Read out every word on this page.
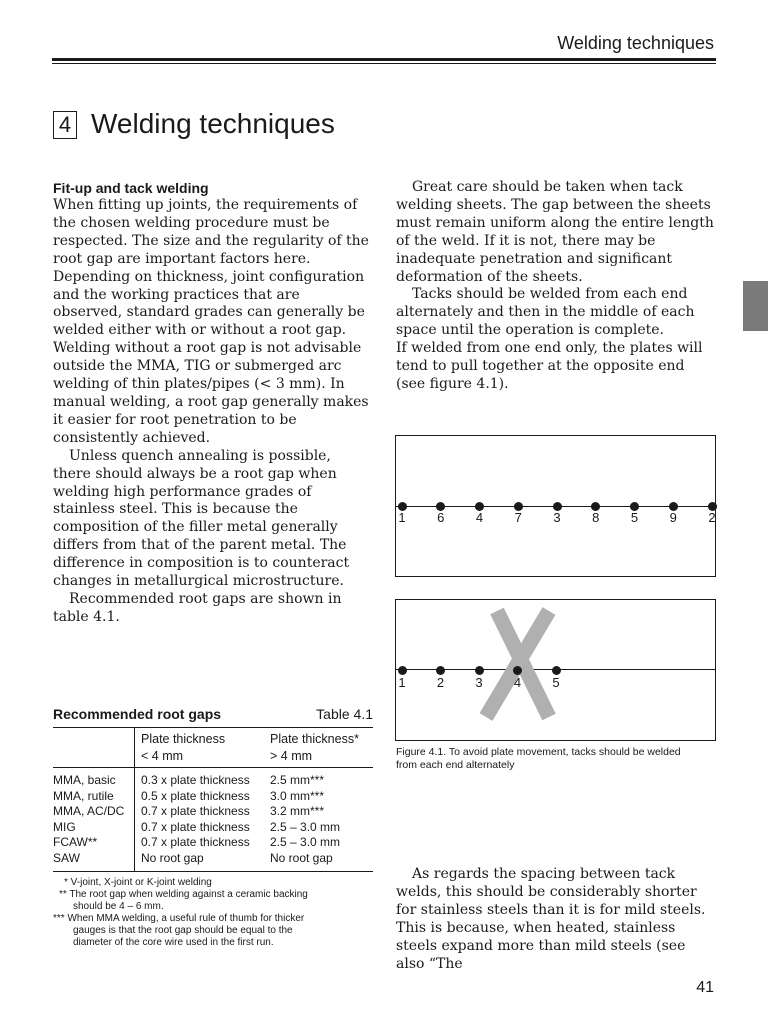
Welding techniques
4 Welding techniques
Fit-up and tack welding

When fitting up joints, the requirements of the chosen welding procedure must be respected. The size and the regularity of the root gap are important factors here. Depending on thickness, joint configuration and the working practices that are observed, standard grades can generally be welded either with or without a root gap. Welding without a root gap is not advisable outside the MMA, TIG or submerged arc welding of thin plates/pipes (< 3 mm). In manual welding, a root gap generally makes it easier for root penetration to be consistently achieved.

Unless quench annealing is possible, there should always be a root gap when welding high performance grades of stainless steel. This is because the composition of the filler metal generally differs from that of the parent metal. The difference in composition is to counteract changes in metallurgical microstructure.

Recommended root gaps are shown in table 4.1.

Recommended root gaps	Table 4.1
Plate thickness
< 4 mm
Plate thickness*
> 4 mm
MMA, basic
MMA, rutile
MMA, AC/DC
MIG
FCAW**
SAW
0.3 x plate thickness
0.5 x plate thickness
0.7 x plate thickness
0.7 x plate thickness
0.7 x plate thickness
No root gap
2.5 mm***
3.0 mm***
3.2 mm***
2.5 – 3.0 mm
2.5 – 3.0 mm
No root gap
* V-joint, X-joint or K-joint welding
** The root gap when welding against a ceramic backing
should be 4 – 6 mm.
*** When MMA welding, a useful rule of thumb for thicker
gauges is that the root gap should be equal to the
diameter of the core wire used in the first run.

Great care should be taken when tack welding sheets. The gap between the sheets must remain uniform along the entire length of the weld. If it is not, there may be inadequate penetration and significant deformation of the sheets.

Tacks should be welded from each end alternately and then in the middle of each space until the operation is complete.

If welded from one end only, the plates will tend to pull together at the opposite end (see figure 4.1).

1 6 4 7 3 8 5 9 2
1 2 3 4 5
Figure 4.1. To avoid plate movement, tacks should be welded
from each end alternately

As regards the spacing between tack welds, this should be considerably shorter for stainless steels than it is for mild steels.

This is because, when heated, stainless steels expand more than mild steels (see also “The

41
